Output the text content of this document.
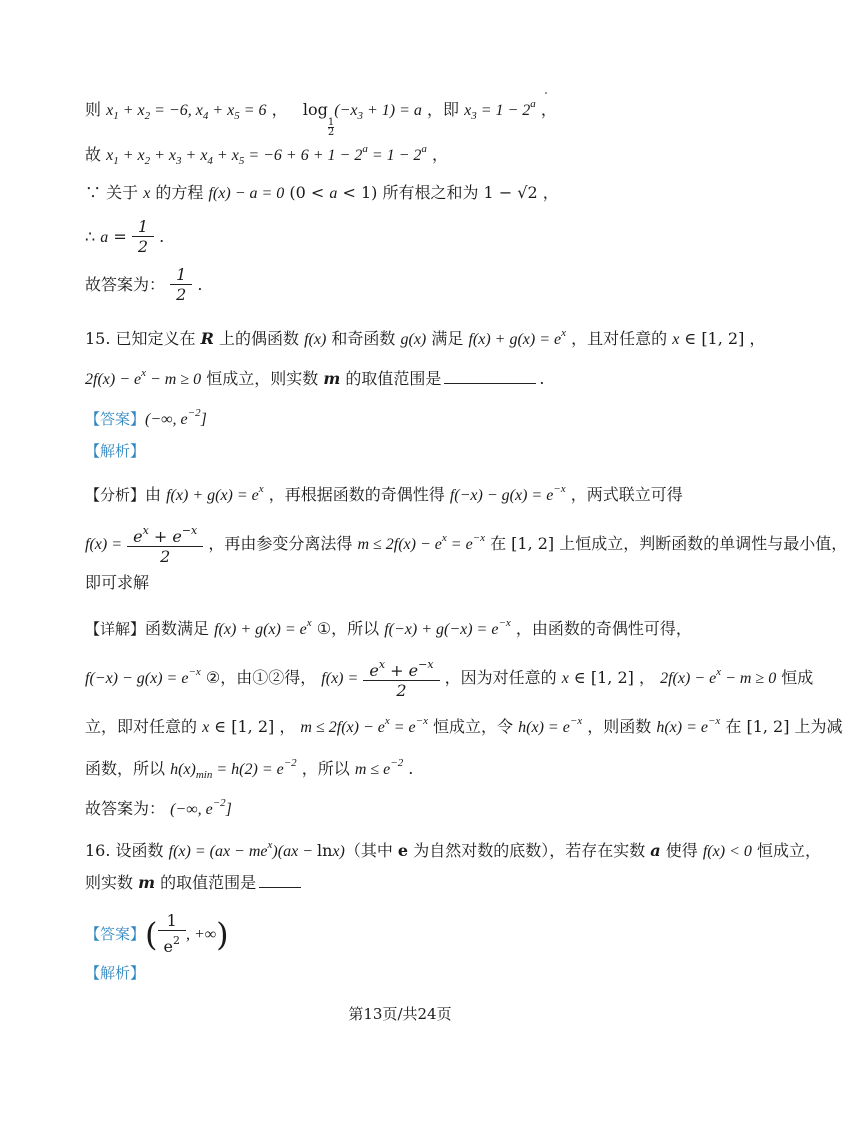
则 $x_1 + x_2 = -6$, $x_4 + x_5 = 6$ ，   log
$\frac{1}{2}$
$(-x_3 + 1) = a$ ，即 $x_3 = 1 - 2^a$ ，
故 $x_1 + x_2 + x_3 + x_4 + x_5 = -6 + 6 + 1 - 2^a = 1 - 2^a$ ，
∵ 关于 x 的方程 f(x) − a = 0 (0 < a < 1) 所有根之和为 1 − √2 ，
∴ $a = \frac{1}{2}$ .
故答案为： $\frac{1}{2}$ .
15. 已知定义在 R 上的偶函数 f(x) 和奇函数 g(x) 满足 $f(x) + g(x) = e^x$ ，且对任意的 x ∈ [1, 2] ，
$2f(x) - e^x - m \ge 0$ 恒成立，则实数 m 的取值范围是	.
【答案】(−∞, $e^{-2}$]
【解析】
【分析】由 $f(x) + g(x) = e^x$ ，再根据函数的奇偶性得 $f(-x) - g(x) = e^{-x}$ ，两式联立可得
$f(x) = \frac{e^x + e^{-x}}{2}$ ，再由参变分离法得 $m \le 2f(x) - e^x = e^{-x}$ 在 [1, 2] 上恒成立，判断函数的单调性与最小值，
即可求解
【详解】函数满足 $f(x) + g(x) = e^x$ ①，所以 $f(-x) + g(-x) = e^{-x}$ ，由函数的奇偶性可得，
$f(-x) - g(x) = e^{-x}$ ②，由①②得， $f(x) = \frac{e^x + e^{-x}}{2}$ ，因为对任意的 x ∈ [1, 2] ， $2f(x) - e^x - m \ge 0$ 恒成
立，即对任意的 x ∈ [1, 2] ， $m \le 2f(x) - e^x = e^{-x}$ 恒成立，令 $h(x) = e^{-x}$ ，则函数 $h(x) = e^{-x}$ 在 [1, 2] 上为减
函数，所以 $h(x)_{min} = h(2) = e^{-2}$ ，所以 $m \le e^{-2}$ .
故答案为： (−∞, $e^{-2}$]
16. 设函数 $f(x) = (ax - me^x)(ax - \ln x)$（其中 e 为自然对数的底数），若存在实数 a 使得 f(x) < 0 恒成立，
则实数 m 的取值范围是
【答案】( $\frac{1}{e^2}$ , +∞)
【解析】
第13页/共24页
